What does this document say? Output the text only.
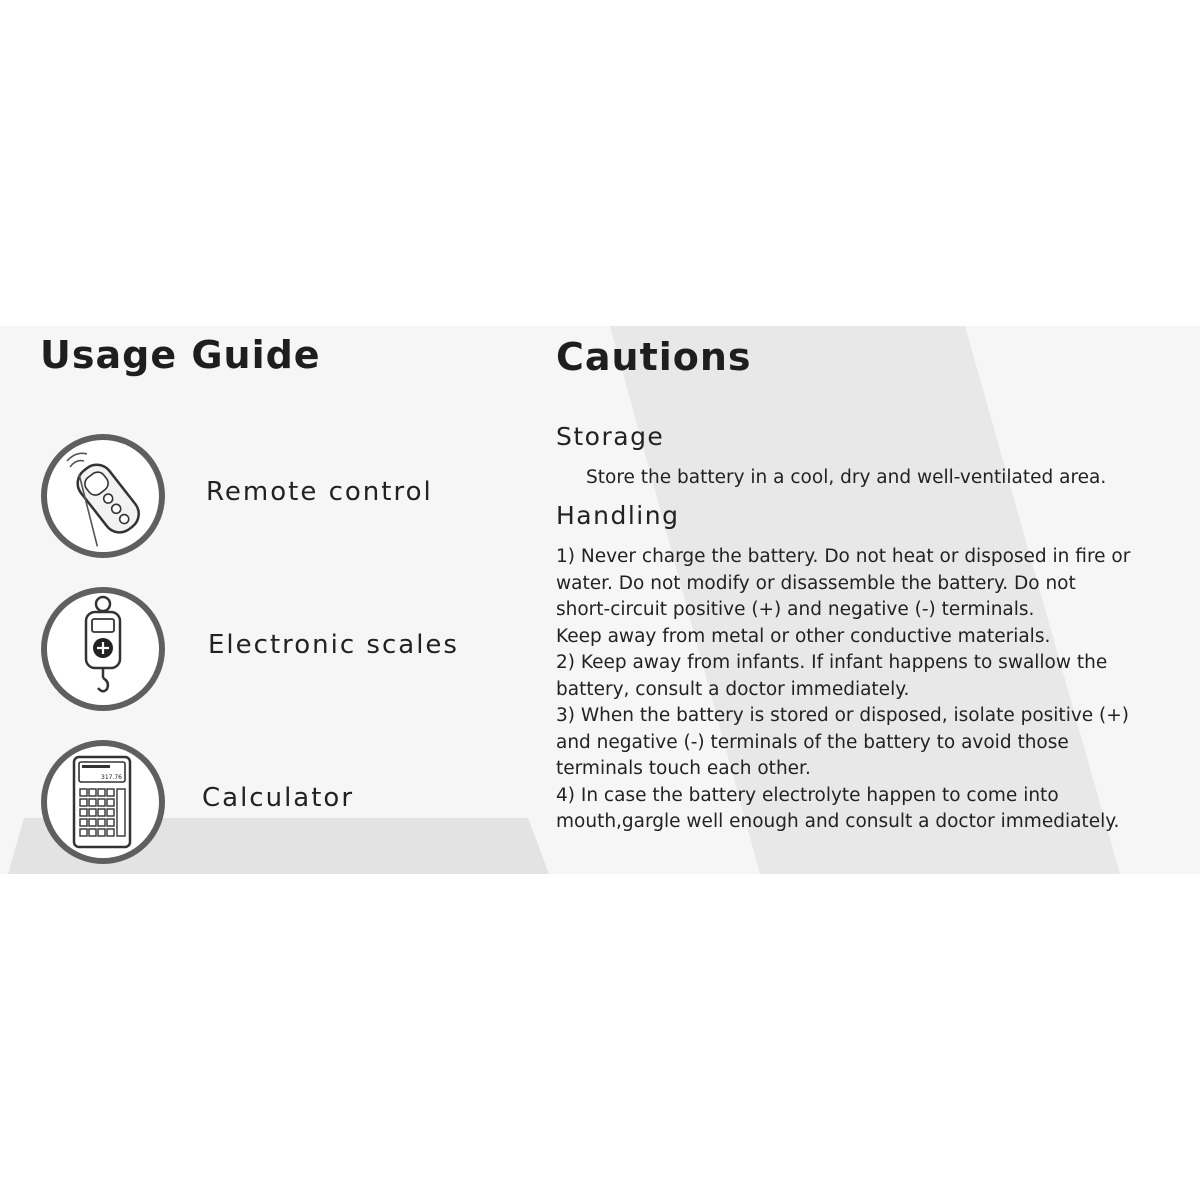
Usage Guide
Remote control
Electronic scales
317.76
Calculator
Cautions
Storage
Store the battery in a cool, dry and well-ventilated area.
Handling
1) Never charge the battery. Do not heat or disposed in fire or
water. Do not modify or disassemble the battery. Do not
short-circuit positive (+) and negative (-) terminals.
Keep away from metal or other conductive materials.
2) Keep away from infants. If infant happens to swallow the
battery, consult a doctor immediately.
3) When the battery is stored or disposed, isolate positive (+)
and negative (-) terminals of the battery to avoid those
terminals touch each other.
4) In case the battery electrolyte happen to come into
mouth,gargle well enough and consult a doctor immediately.
